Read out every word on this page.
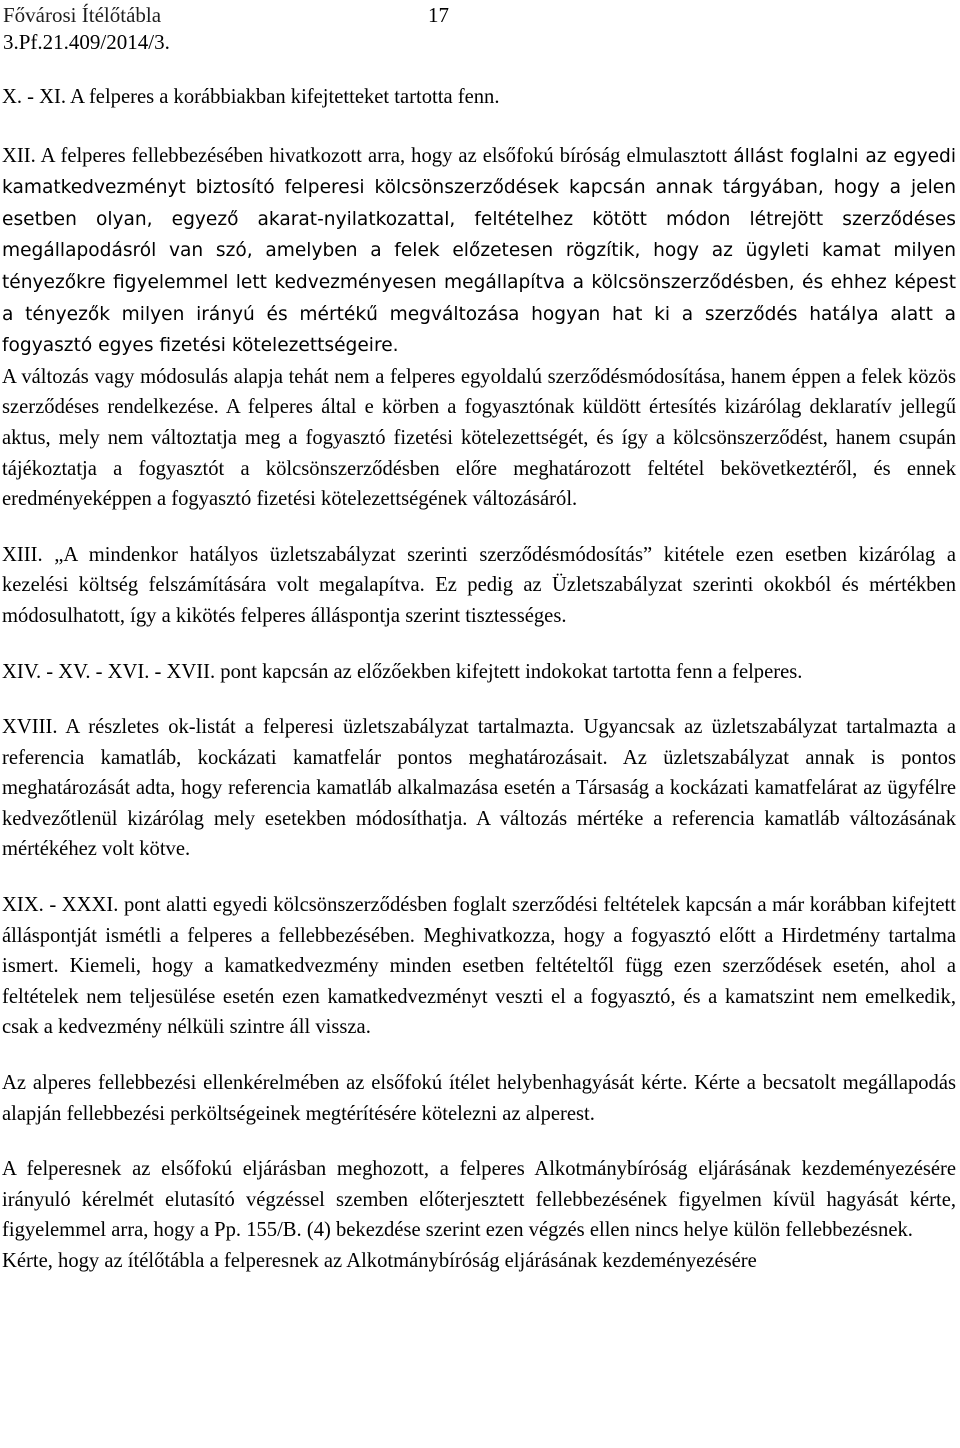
Fővárosi Ítélőtábla
3.Pf.21.409/2014/3.
17

X. - XI. A felperes a korábbiakban kifejtetteket tartotta fenn.

XII. A felperes fellebbezésében hivatkozott arra, hogy az elsőfokú bíróság elmulasztott állást foglalni az egyedi kamatkedvezményt biztosító felperesi kölcsönszerződések kapcsán annak tárgyában, hogy a jelen esetben olyan, egyező akarat-nyilatkozattal, feltételhez kötött módon létrejött szerződéses megállapodásról van szó, amelyben a felek előzetesen rögzítik, hogy az ügyleti kamat milyen tényezőkre figyelemmel lett kedvezményesen megállapítva a kölcsönszerződésben, és ehhez képest a tényezők milyen irányú és mértékű megváltozása hogyan hat ki a szerződés hatálya alatt a fogyasztó egyes fizetési kötelezettségeire.

A változás vagy módosulás alapja tehát nem a felperes egyoldalú szerződésmódosítása, hanem éppen a felek közös szerződéses rendelkezése. A felperes által e körben a fogyasztónak küldött értesítés kizárólag deklaratív jellegű aktus, mely nem változtatja meg a fogyasztó fizetési kötelezettségét, és így a kölcsönszerződést, hanem csupán tájékoztatja a fogyasztót a kölcsönszerződésben előre meghatározott feltétel bekövetkeztéről, és ennek eredményeképpen a fogyasztó fizetési kötelezettségének változásáról.

XIII. „A mindenkor hatályos üzletszabályzat szerinti szerződésmódosítás” kitétele ezen esetben kizárólag a kezelési költség felszámítására volt megalapítva. Ez pedig az Üzletszabályzat szerinti okokból és mértékben módosulhatott, így a kikötés felperes álláspontja szerint tisztességes.

XIV. - XV. - XVI. - XVII. pont kapcsán az előzőekben kifejtett indokokat tartotta fenn a felperes.

XVIII. A részletes ok-listát a felperesi üzletszabályzat tartalmazta. Ugyancsak az üzletszabályzat tartalmazta a referencia kamatláb, kockázati kamatfelár pontos meghatározásait. Az üzletszabályzat annak is pontos meghatározását adta, hogy referencia kamatláb alkalmazása esetén a Társaság a kockázati kamatfelárat az ügyfélre kedvezőtlenül kizárólag mely esetekben módosíthatja. A változás mértéke a referencia kamatláb változásának mértékéhez volt kötve.

XIX. - XXXI. pont alatti egyedi kölcsönszerződésben foglalt szerződési feltételek kapcsán a már korábban kifejtett álláspontját ismétli a felperes a fellebbezésében. Meghivatkozza, hogy a fogyasztó előtt a Hirdetmény tartalma ismert. Kiemeli, hogy a kamatkedvezmény minden esetben feltételtől függ ezen szerződések esetén, ahol a feltételek nem teljesülése esetén ezen kamatkedvezményt veszti el a fogyasztó, és a kamatszint nem emelkedik, csak a kedvezmény nélküli szintre áll vissza.

Az alperes fellebbezési ellenkérelmében az elsőfokú ítélet helybenhagyását kérte. Kérte a becsatolt megállapodás alapján fellebbezési perköltségeinek megtérítésére kötelezni az alperest.

A felperesnek az elsőfokú eljárásban meghozott, a felperes Alkotmánybíróság eljárásának kezdeményezésére irányuló kérelmét elutasító végzéssel szemben előterjesztett fellebbezésének figyelmen kívül hagyását kérte, figyelemmel arra, hogy a Pp. 155/B. (4) bekezdése szerint ezen végzés ellen nincs helye külön fellebbezésnek.

Kérte, hogy az ítélőtábla a felperesnek az Alkotmánybíróság eljárásának kezdeményezésére
